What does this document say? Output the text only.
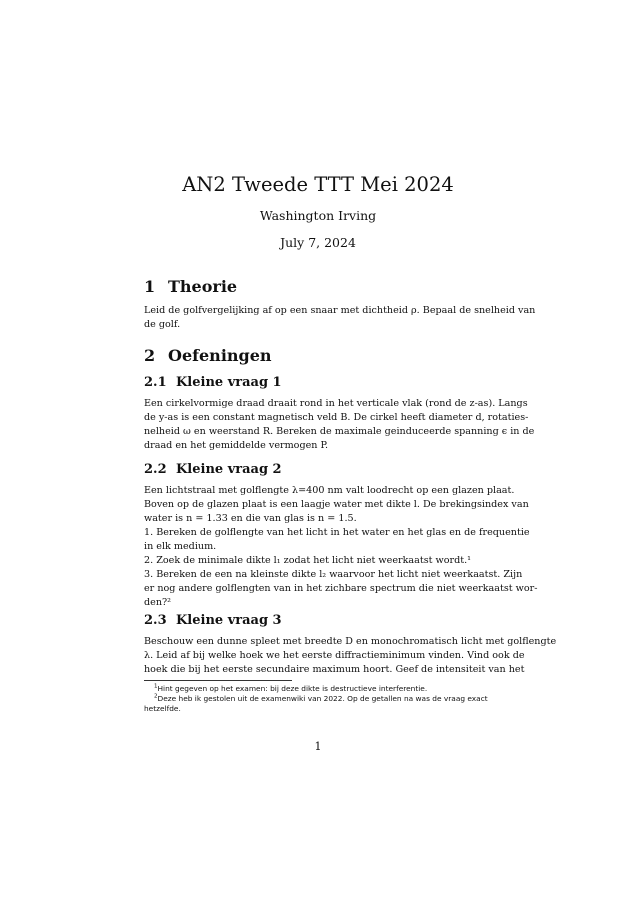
AN2 Tweede TTT Mei 2024
Washington Irving
July 7, 2024
1 Theorie
Leid de golfvergelijking af op een snaar met dichtheid ρ. Bepaal de snelheid van
de golf.
2 Oefeningen
2.1 Kleine vraag 1
Een cirkelvormige draad draait rond in het verticale vlak (rond de z-as). Langs
de y-as is een constant magnetisch veld B. De cirkel heeft diameter d, rotaties-
nelheid ω en weerstand R. Bereken de maximale geinduceerde spanning ϵ in de
draad en het gemiddelde vermogen P.
2.2 Kleine vraag 2
Een lichtstraal met golflengte λ=400 nm valt loodrecht op een glazen plaat.
Boven op de glazen plaat is een laagje water met dikte l. De brekingsindex van
water is n = 1.33 en die van glas is n = 1.5.
1. Bereken de golflengte van het licht in het water en het glas en de frequentie
in elk medium.
2. Zoek de minimale dikte l₁ zodat het licht niet weerkaatst wordt.¹
3. Bereken de een na kleinste dikte l₂ waarvoor het licht niet weerkaatst. Zijn
er nog andere golflengten van in het zichbare spectrum die niet weerkaatst wor-
den?²
2.3 Kleine vraag 3
Beschouw een dunne spleet met breedte D en monochromatisch licht met golflengte
λ. Leid af bij welke hoek we het eerste diffractieminimum vinden. Vind ook de
hoek die bij het eerste secundaire maximum hoort. Geef de intensiteit van het

$^1$Hint gegeven op het examen: bij deze dikte is destructieve interferentie.

$^2$Deze heb ik gestolen uit de examenwiki van 2022. Op de getallen na was de vraag exact hetzelfde.

1
